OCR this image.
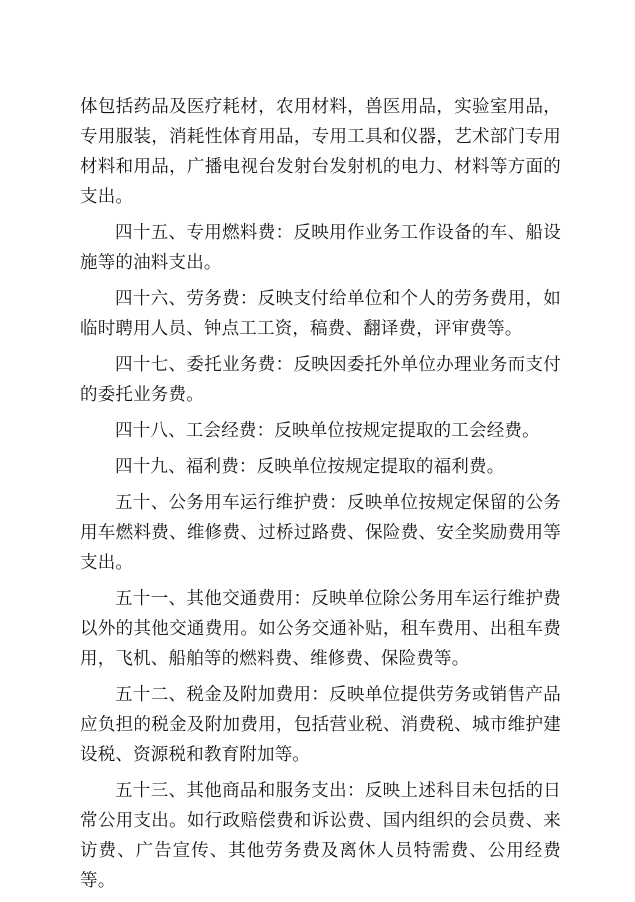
体包括药品及医疗耗材，农用材料，兽医用品，实验室用品，专用服装，消耗性体育用品，专用工具和仪器，艺术部门专用材料和用品，广播电视台发射台发射机的电力、材料等方面的支出。

四十五、专用燃料费：反映用作业务工作设备的车、船设施等的油料支出。

四十六、劳务费：反映支付给单位和个人的劳务费用，如临时聘用人员、钟点工工资，稿费、翻译费，评审费等。

四十七、委托业务费：反映因委托外单位办理业务而支付的委托业务费。

四十八、工会经费：反映单位按规定提取的工会经费。

四十九、福利费：反映单位按规定提取的福利费。

五十、公务用车运行维护费：反映单位按规定保留的公务用车燃料费、维修费、过桥过路费、保险费、安全奖励费用等支出。

五十一、其他交通费用：反映单位除公务用车运行维护费以外的其他交通费用。如公务交通补贴，租车费用、出租车费用，飞机、船舶等的燃料费、维修费、保险费等。

五十二、税金及附加费用：反映单位提供劳务或销售产品应负担的税金及附加费用，包括营业税、消费税、城市维护建设税、资源税和教育附加等。

五十三、其他商品和服务支出：反映上述科目未包括的日常公用支出。如行政赔偿费和诉讼费、国内组织的会员费、来访费、广告宣传、其他劳务费及离休人员特需费、公用经费等。
